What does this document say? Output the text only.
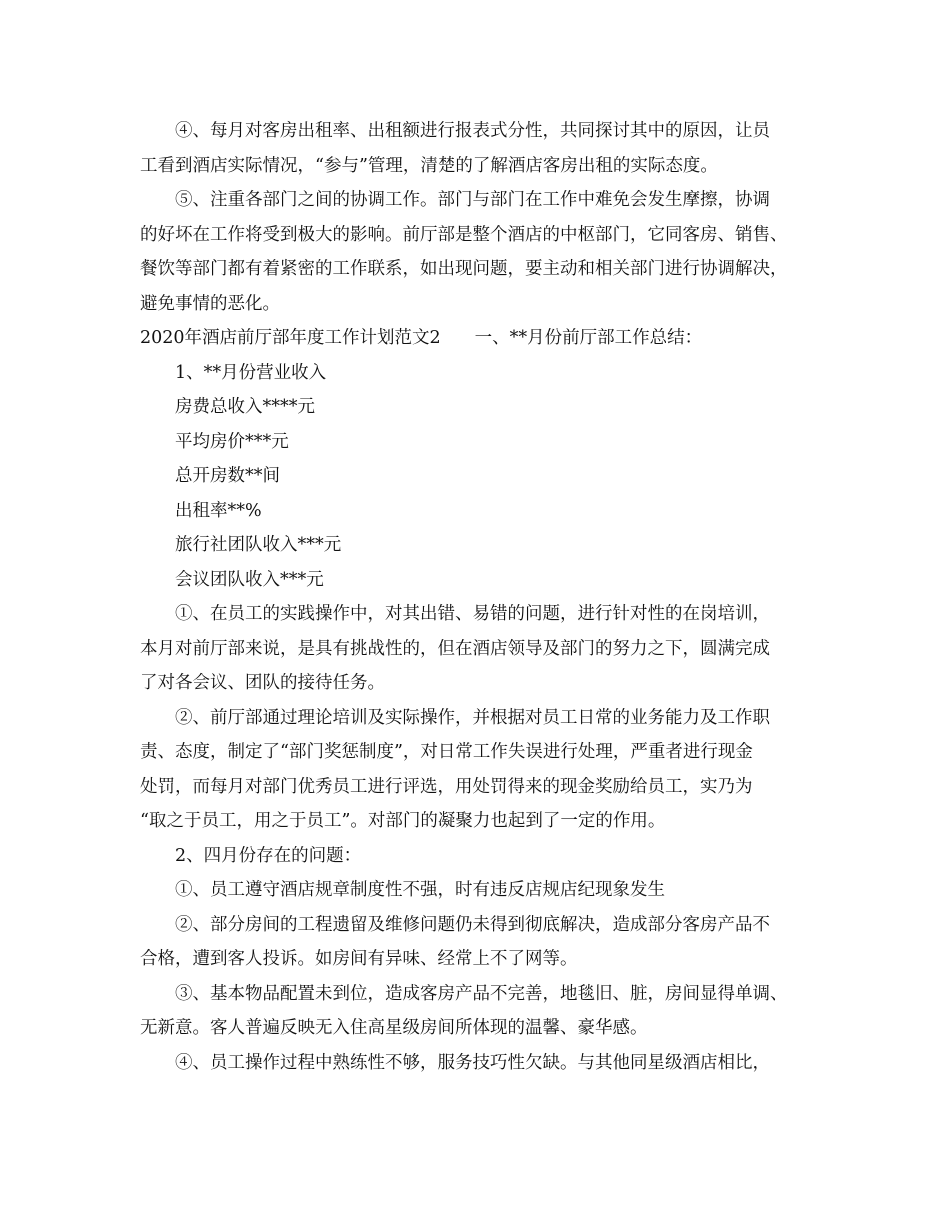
④、每月对客房出租率、出租额进行报表式分性，共同探讨其中的原因，让员
工看到酒店实际情况，“参与”管理，清楚的了解酒店客房出租的实际态度。
⑤、注重各部门之间的协调工作。部门与部门在工作中难免会发生摩擦，协调
的好坏在工作将受到极大的影响。前厅部是整个酒店的中枢部门，它同客房、销售、
餐饮等部门都有着紧密的工作联系，如出现问题，要主动和相关部门进行协调解决，
避免事情的恶化。
2020年酒店前厅部年度工作计划范文2 一、**月份前厅部工作总结：
1、**月份营业收入
房费总收入****元
平均房价***元
总开房数**间
出租率**%
旅行社团队收入***元
会议团队收入***元
①、在员工的实践操作中，对其出错、易错的问题，进行针对性的在岗培训，
本月对前厅部来说，是具有挑战性的，但在酒店领导及部门的努力之下，圆满完成
了对各会议、团队的接待任务。
②、前厅部通过理论培训及实际操作，并根据对员工日常的业务能力及工作职
责、态度，制定了“部门奖惩制度”，对日常工作失误进行处理，严重者进行现金
处罚，而每月对部门优秀员工进行评选，用处罚得来的现金奖励给员工，实乃为
“取之于员工，用之于员工”。对部门的凝聚力也起到了一定的作用。
2、四月份存在的问题：
①、员工遵守酒店规章制度性不强，时有违反店规店纪现象发生
②、部分房间的工程遗留及维修问题仍未得到彻底解决，造成部分客房产品不
合格，遭到客人投诉。如房间有异味、经常上不了网等。
③、基本物品配置未到位，造成客房产品不完善，地毯旧、脏，房间显得单调、
无新意。客人普遍反映无入住高星级房间所体现的温馨、豪华感。
④、员工操作过程中熟练性不够，服务技巧性欠缺。与其他同星级酒店相比，
